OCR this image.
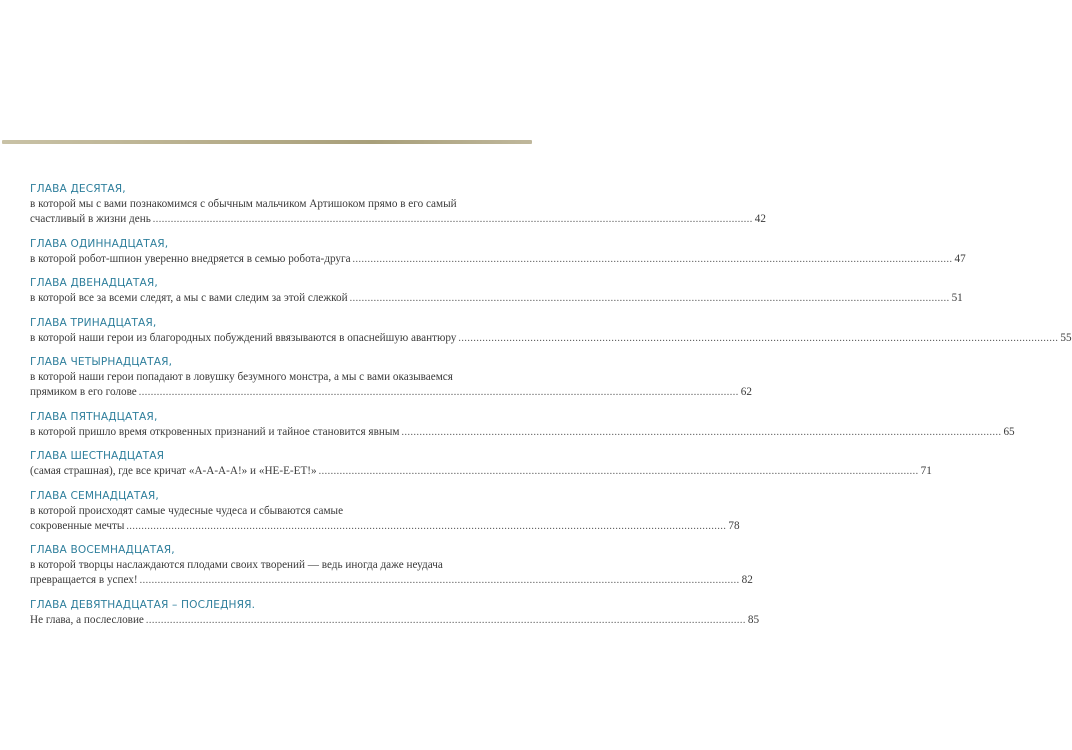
ГЛАВА ДЕСЯТАЯ,
в которой мы с вами познакомимся с обычным мальчиком Артишоком прямо в его самый
счастливый в жизни день ........................................................................................................................................................................................................ 42
ГЛАВА ОДИННАДЦАТАЯ,
в которой робот-шпион уверенно внедряется в семью робота-друга ........................................................................................................................................................................................................ 47
ГЛАВА ДВЕНАДЦАТАЯ,
в которой все за всеми следят, а мы с вами следим за этой слежкой ........................................................................................................................................................................................................ 51
ГЛАВА ТРИНАДЦАТАЯ,
в которой наши герои из благородных побуждений ввязываются в опаснейшую авантюру ........................................................................................................................................................................................................ 55
ГЛАВА ЧЕТЫРНАДЦАТАЯ,
в которой наши герои попадают в ловушку безумного монстра, а мы с вами оказываемся
прямиком в его голове ........................................................................................................................................................................................................ 62
ГЛАВА ПЯТНАДЦАТАЯ,
в которой пришло время откровенных признаний и тайное становится явным ........................................................................................................................................................................................................ 65
ГЛАВА ШЕСТНАДЦАТАЯ
(самая страшная), где все кричат «А-А-А-А!» и «НЕ-Е-ЕТ!» ........................................................................................................................................................................................................ 71
ГЛАВА СЕМНАДЦАТАЯ,
в которой происходят самые чудесные чудеса и сбываются самые
сокровенные мечты ........................................................................................................................................................................................................ 78
ГЛАВА ВОСЕМНАДЦАТАЯ,
в которой творцы наслаждаются плодами своих творений — ведь иногда даже неудача
превращается в успех! ........................................................................................................................................................................................................ 82
ГЛАВА ДЕВЯТНАДЦАТАЯ – ПОСЛЕДНЯЯ.
Не глава, а послесловие ........................................................................................................................................................................................................ 85
